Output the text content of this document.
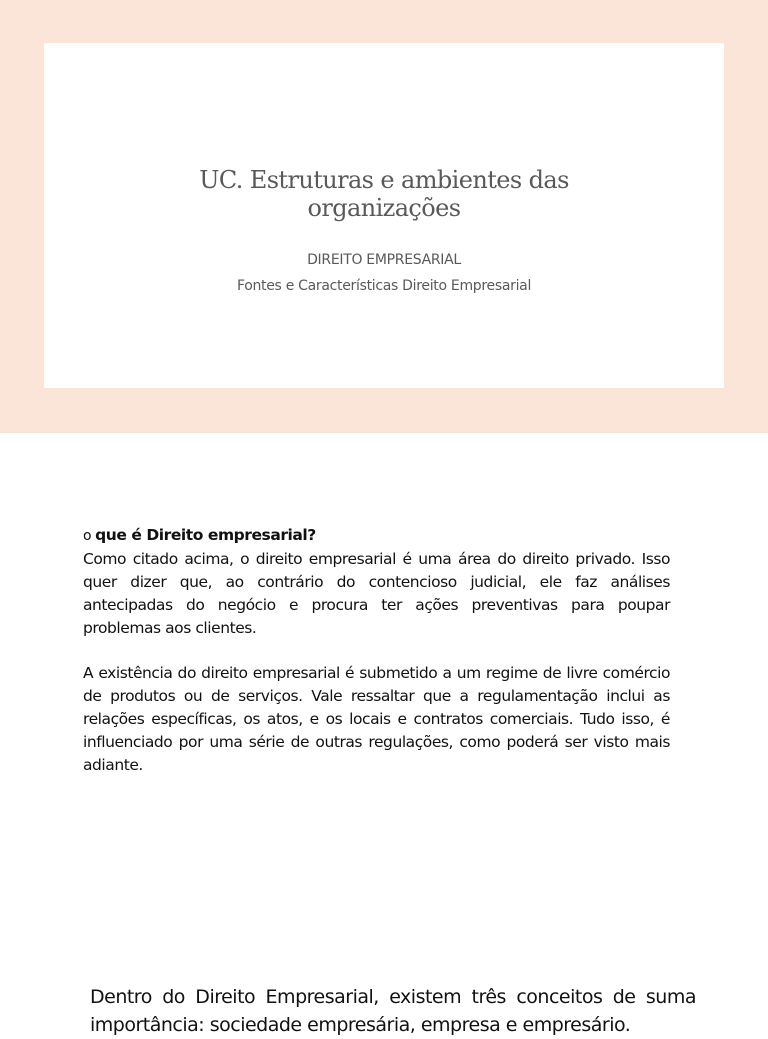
UC. Estruturas e ambientes das
organizações
DIREITO EMPRESARIAL
Fontes e Características Direito Empresarial
o que é Direito empresarial?
Como citado acima, o direito empresarial é uma área do direito privado. Isso quer dizer que, ao contrário do contencioso judicial, ele faz análises antecipadas do negócio e procura ter ações preventivas para poupar problemas aos clientes.
A existência do direito empresarial é submetido a um regime de livre comércio de produtos ou de serviços. Vale ressaltar que a regulamentação inclui as relações específicas, os atos, e os locais e contratos comerciais. Tudo isso, é influenciado por uma série de outras regulações, como poderá ser visto mais adiante.
Dentro do Direito Empresarial, existem três conceitos de suma importância: sociedade empresária, empresa e empresário.
